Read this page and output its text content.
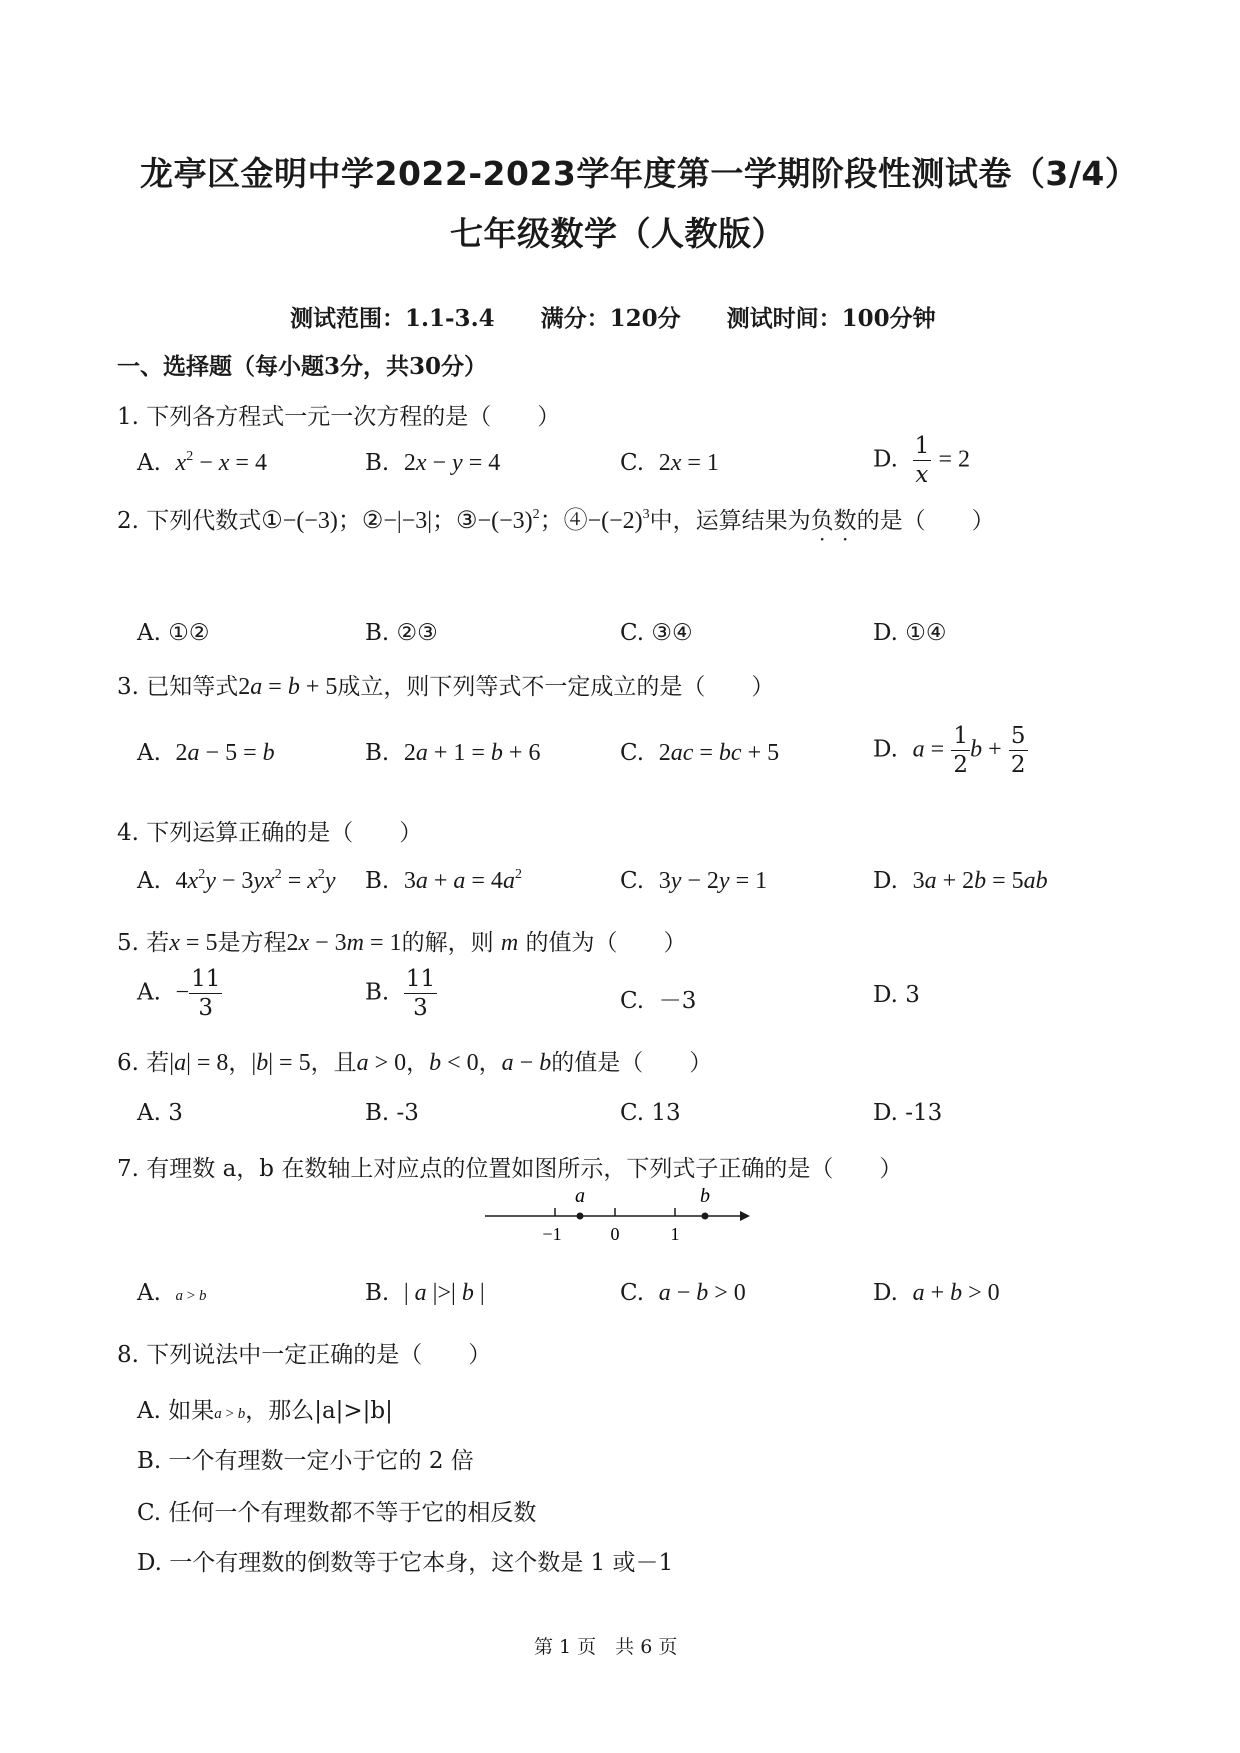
龙亭区金明中学2022-2023学年度第一学期阶段性测试卷（3/4）
七年级数学（人教版）
测试范围：1.1-3.4　　满分：120分　　测试时间：100分钟
一、选择题（每小题3分，共30分）
1. 下列各方程式一元一次方程的是（　　）
A.  $x^2 - x = 4$	B.  2x − y = 4	C.  2x = 1	D. $\frac{1}{x} = 2$
2. 下列代数式①−(−3)；②−|−3|；$③-(-3)^2$；$④-(-2)^3$中，运算结果为负数的是（　　）
A. ①②	B. ②③	C. ③④	D. ①④
3. 已知等式2a = b + 5成立，则下列等式不一定成立的是（　　）
A.  2a − 5 = b	B.  2a + 1 = b + 6	C.  2ac = bc + 5	D.  $a = \frac{1}{2}$ $b + \frac{5}{2}$
4. 下列运算正确的是（　　）
A.  $4x^2y - 3yx^2 = x^2y$ B.  $3a + a = 4a^2$	C.  3y − 2y = 1	D.  3a + 2b = 5ab
5. 若x = 5是方程2x − 3m = 1的解，则 m 的值为（　　）
A.  − $\frac{11}{3}$	B. $\frac{11}{3}$	C.  －3	D. 3
6. 若|a| = 8，|b| = 5，且a > 0，b < 0，a − b的值是（　　）
A. 3	B. -3	C. 13	D. -13
7. 有理数 a，b 在数轴上对应点的位置如图所示，下列式子正确的是（　　）
a	b
−1	0	1
A.  a > b	B.  | a |>| b |	C.  a − b > 0	D.  a + b > 0
8. 下列说法中一定正确的是（　　）
A. 如果a > b，那么|a|>|b|
B. 一个有理数一定小于它的 2 倍
C. 任何一个有理数都不等于它的相反数
D. 一个有理数的倒数等于它本身，这个数是 1 或－1
第 1 页　共 6 页
